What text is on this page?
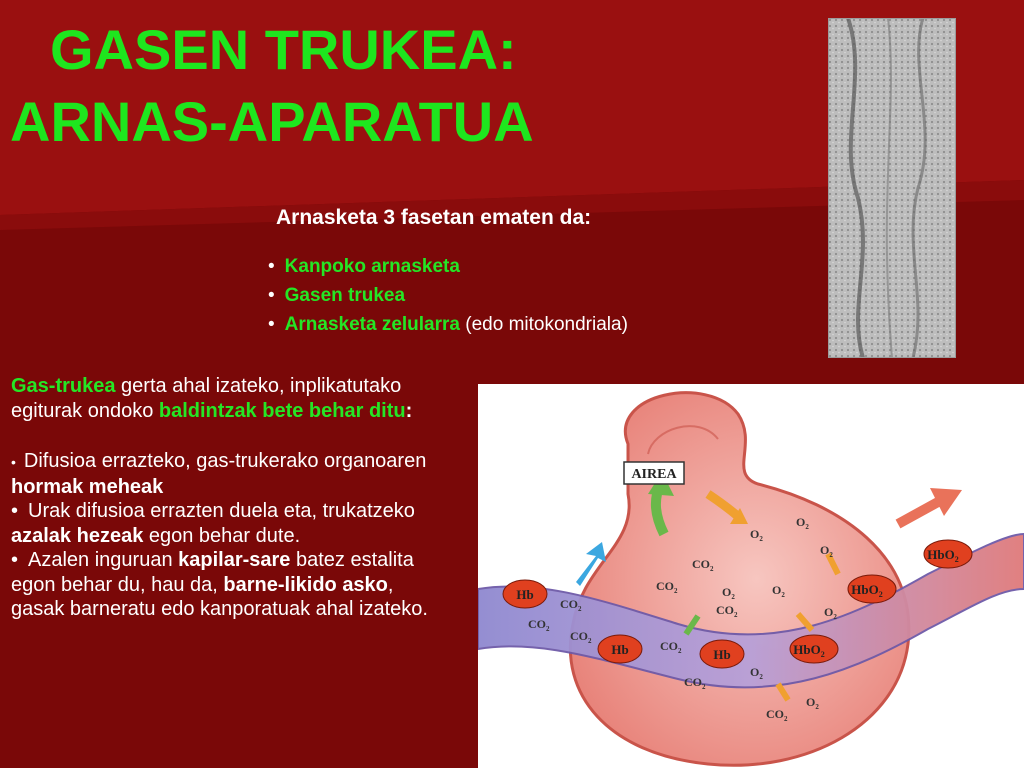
GASEN TRUKEA:
ARNAS-APARATUA
Arnasketa 3 fasetan ematen da:
• Kanpoko arnasketa
• Gasen trukea
• Arnasketa zelularra (edo mitokondriala)

Gas-trukea gerta ahal izateko, inplikatutako egiturak ondoko baldintzak bete behar ditu:

• Difusioa errazteko, gas-trukerako organoaren hormak meheak
• Urak difusioa errazten duela eta, trukatzeko azalak hezeak egon behar dute.
• Azalen inguruan kapilar-sare batez estalita egon behar du, hau da, barne-likido asko, gasak barneratu edo kanporatuak ahal izateko.
AIREA
Hb
Hb	Hb	HbO$_2$
HbO$_2$
HbO$_2$
$CO_2$
$CO_2$ $CO_2$
$CO_2$
$CO_2$
$CO_2$
$CO_2$
$CO_2$
$CO_2$
$O_2$
$O_2$
$O_2$
$O_2$
$O_2$
$O_2$
$O_2$
$O_2$
